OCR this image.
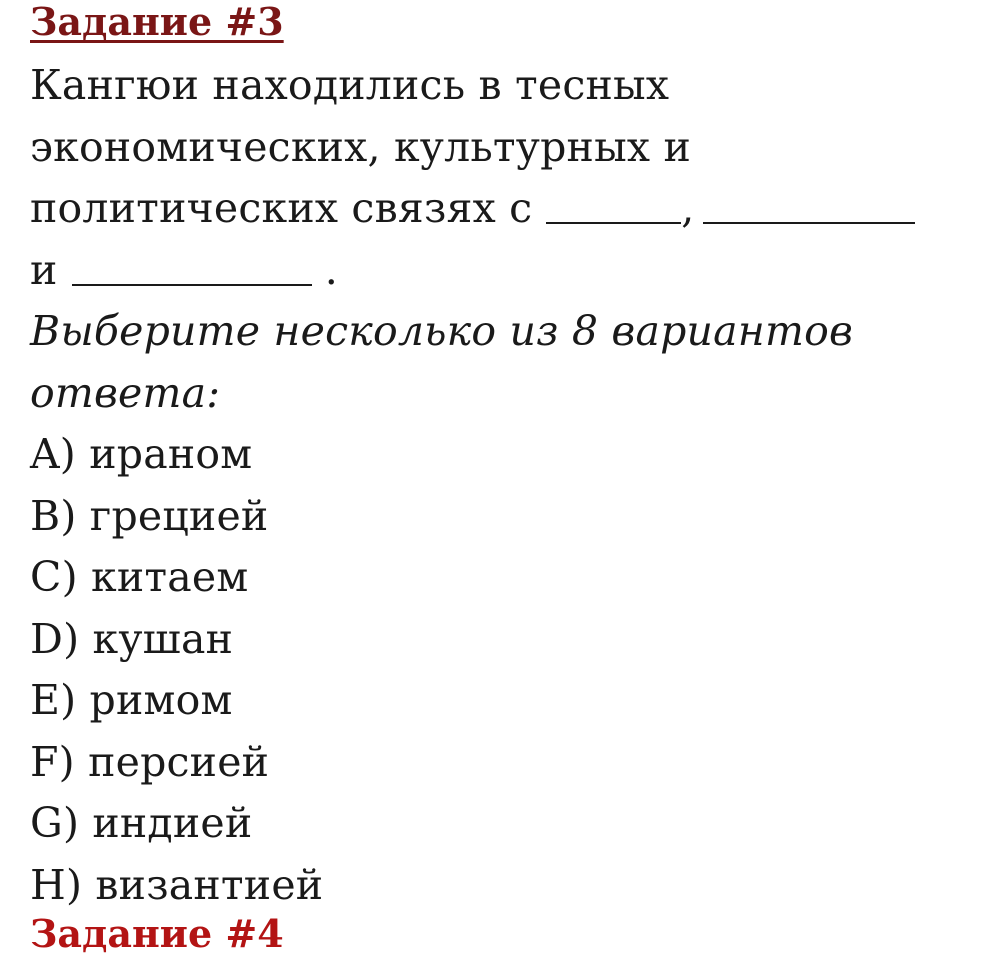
Задание #3
Кангюи находились в тесных
экономических, культурных и
политических связях с	,
и	.
Выберите несколько из 8 вариантов
ответа:
A) ираном
B) грецией
C) китаем
D) кушан
E) римом
F) персией
G) индией
H) византией
Задание #4
